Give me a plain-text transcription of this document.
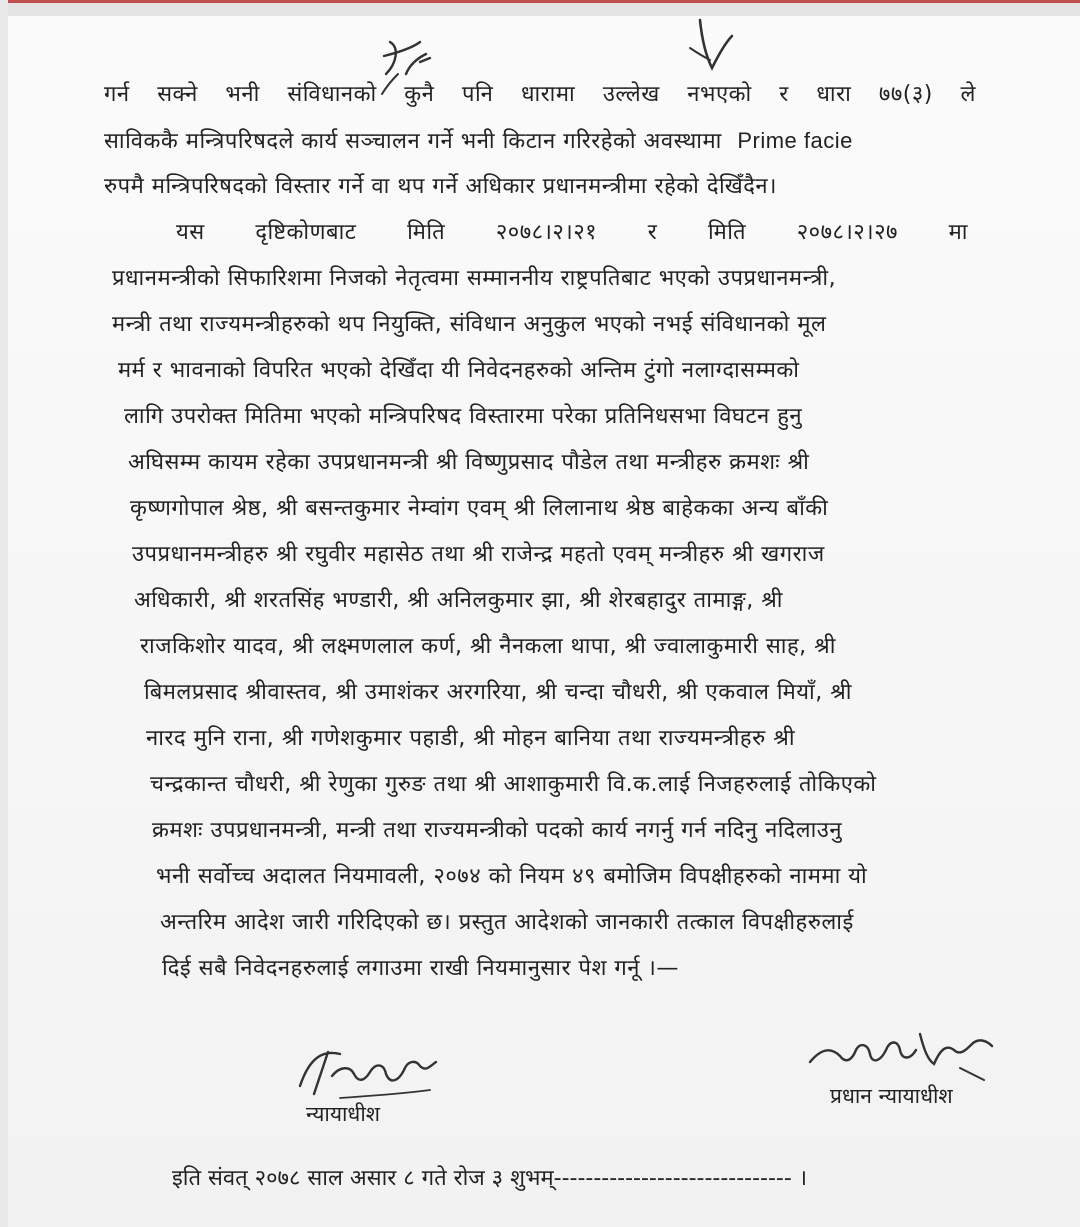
गर्न सक्ने भनी संविधानको कुनै पनि धारामा उल्लेख नभएको र धारा ७७(३) ले
साविककै मन्त्रिपरिषदले कार्य सञ्चालन गर्ने भनी किटान गरिरहेको अवस्थामा Prime facie
रुपमै मन्त्रिपरिषदको विस्तार गर्ने वा थप गर्ने अधिकार प्रधानमन्त्रीमा रहेको देखिँदैन।
यस दृष्टिकोणबाट मिति २०७८।२।२१ र मिति २०७८।२।२७ मा
प्रधानमन्त्रीको सिफारिशमा निजको नेतृत्वमा सम्माननीय राष्ट्रपतिबाट भएको उपप्रधानमन्त्री,
मन्त्री तथा राज्यमन्त्रीहरुको थप नियुक्ति, संविधान अनुकुल भएको नभई संविधानको मूल
मर्म र भावनाको विपरित भएको देखिँदा यी निवेदनहरुको अन्तिम टुंगो नलाग्दासम्मको
लागि उपरोक्त मितिमा भएको मन्त्रिपरिषद विस्तारमा परेका प्रतिनिधसभा विघटन हुनु
अघिसम्म कायम रहेका उपप्रधानमन्त्री श्री विष्णुप्रसाद पौडेल तथा मन्त्रीहरु क्रमशः श्री
कृष्णगोपाल श्रेष्ठ, श्री बसन्तकुमार नेम्वांग एवम् श्री लिलानाथ श्रेष्ठ बाहेकका अन्य बाँकी
उपप्रधानमन्त्रीहरु श्री रघुवीर महासेठ तथा श्री राजेन्द्र महतो एवम् मन्त्रीहरु श्री खगराज
अधिकारी, श्री शरतसिंह भण्डारी, श्री अनिलकुमार झा, श्री शेरबहादुर तामाङ्ग, श्री
राजकिशोर यादव, श्री लक्ष्मणलाल कर्ण, श्री नैनकला थापा, श्री ज्वालाकुमारी साह, श्री
बिमलप्रसाद श्रीवास्तव, श्री उमाशंकर अरगरिया, श्री चन्दा चौधरी, श्री एकवाल मियाँ, श्री
नारद मुनि राना, श्री गणेशकुमार पहाडी, श्री मोहन बानिया तथा राज्यमन्त्रीहरु श्री
चन्द्रकान्त चौधरी, श्री रेणुका गुरुङ तथा श्री आशाकुमारी वि.क.लाई निजहरुलाई तोकिएको
क्रमशः उपप्रधानमन्त्री, मन्त्री तथा राज्यमन्त्रीको पदको कार्य नगर्नु गर्न नदिनु नदिलाउनु
भनी सर्वोच्च अदालत नियमावली, २०७४ को नियम ४९ बमोजिम विपक्षीहरुको नाममा यो
अन्तरिम आदेश जारी गरिदिएको छ। प्रस्तुत आदेशको जानकारी तत्काल विपक्षीहरुलाई
दिई सबै निवेदनहरुलाई लगाउमा राखी नियमानुसार पेश गर्नू ।—
न्यायाधीश
प्रधान न्यायाधीश
इति संवत् २०७८ साल असार ८ गते रोज ३ शुभम्------------------------------ ।
